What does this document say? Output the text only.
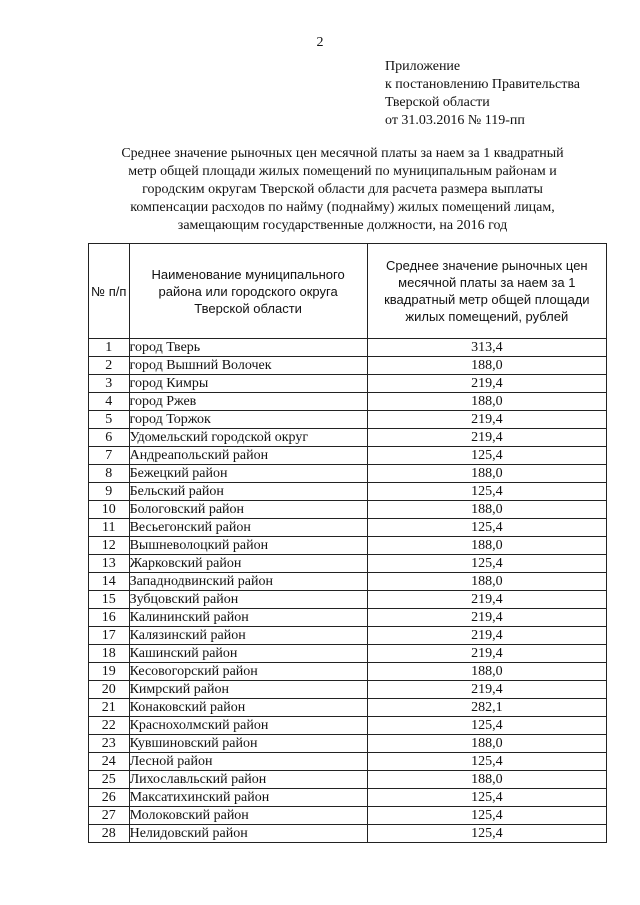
2
Приложение
к постановлению Правительства
Тверской области
от 31.03.2016 № 119-пп
Среднее значение рыночных цен месячной платы за наем за 1 квадратный
метр общей площади жилых помещений по муниципальным районам и
городским округам Тверской области для расчета размера выплаты
компенсации расходов по найму (поднайму) жилых помещений лицам,
замещающим государственные должности, на 2016 год
№ п/п	Наименование муниципального района или городского округа Тверской области	Среднее значение рыночных цен месячной платы за наем за 1 квадратный метр общей площади жилых помещений, рублей
1	город Тверь	313,4
2	город Вышний Волочек	188,0
3	город Кимры	219,4
4	город Ржев	188,0
5	город Торжок	219,4
6	Удомельский городской округ	219,4
7	Андреапольский район	125,4
8	Бежецкий район	188,0
9	Бельский район	125,4
10	Бологовский район	188,0
11	Весьегонский район	125,4
12	Вышневолоцкий район	188,0
13	Жарковский район	125,4
14	Западнодвинский район	188,0
15	Зубцовский район	219,4
16	Калининский район	219,4
17	Калязинский район	219,4
18	Кашинский район	219,4
19	Кесовогорский район	188,0
20	Кимрский район	219,4
21	Конаковский район	282,1
22	Краснохолмский район	125,4
23	Кувшиновский район	188,0
24	Лесной район	125,4
25	Лихославльский район	188,0
26	Максатихинский район	125,4
27	Молоковский район	125,4
28	Нелидовский район	125,4
